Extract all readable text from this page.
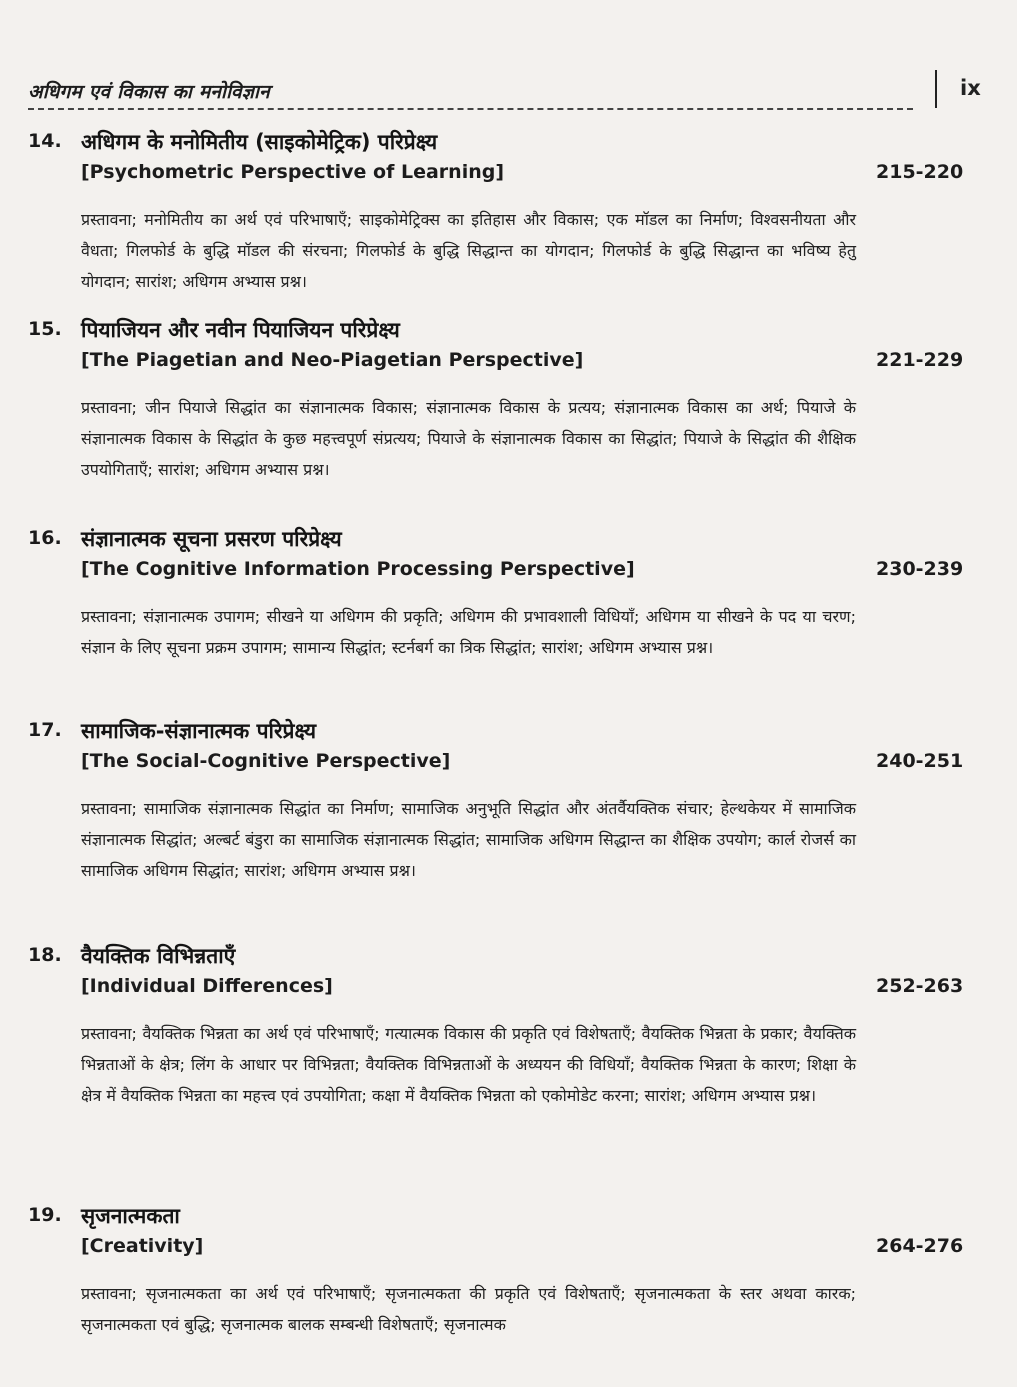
अधिगम एवं विकास का मनोविज्ञान	ix
14. अधिगम के मनोमितीय (साइकोमेट्रिक) परिप्रेक्ष्य
[Psychometric Perspective of Learning]	215-220
प्रस्तावना; मनोमितीय का अर्थ एवं परिभाषाएँ; साइकोमेट्रिक्स का इतिहास और विकास; एक मॉडल का निर्माण; विश्वसनीयता और वैधता; गिलफोर्ड के बुद्धि मॉडल की संरचना; गिलफोर्ड के बुद्धि सिद्धान्त का योगदान; गिलफोर्ड के बुद्धि सिद्धान्त का भविष्य हेतु योगदान; सारांश; अधिगम अभ्यास प्रश्न।
15. पियाजियन और नवीन पियाजियन परिप्रेक्ष्य
[The Piagetian and Neo-Piagetian Perspective]	221-229
प्रस्तावना; जीन पियाजे सिद्धांत का संज्ञानात्मक विकास; संज्ञानात्मक विकास के प्रत्यय; संज्ञानात्मक विकास का अर्थ; पियाजे के संज्ञानात्मक विकास के सिद्धांत के कुछ महत्त्वपूर्ण संप्रत्यय; पियाजे के संज्ञानात्मक विकास का सिद्धांत; पियाजे के सिद्धांत की शैक्षिक उपयोगिताएँ; सारांश; अधिगम अभ्यास प्रश्न।
16. संज्ञानात्मक सूचना प्रसरण परिप्रेक्ष्य
[The Cognitive Information Processing Perspective]	230-239
प्रस्तावना; संज्ञानात्मक उपागम; सीखने या अधिगम की प्रकृति; अधिगम की प्रभावशाली विधियाँ; अधिगम या सीखने के पद या चरण; संज्ञान के लिए सूचना प्रक्रम उपागम; सामान्य सिद्धांत; स्टर्नबर्ग का त्रिक सिद्धांत; सारांश; अधिगम अभ्यास प्रश्न।
17. सामाजिक-संज्ञानात्मक परिप्रेक्ष्य
[The Social-Cognitive Perspective]	240-251
प्रस्तावना; सामाजिक संज्ञानात्मक सिद्धांत का निर्माण; सामाजिक अनुभूति सिद्धांत और अंतर्वैयक्तिक संचार; हेल्थकेयर में सामाजिक संज्ञानात्मक सिद्धांत; अल्बर्ट बंडुरा का सामाजिक संज्ञानात्मक सिद्धांत; सामाजिक अधिगम सिद्धान्त का शैक्षिक उपयोग; कार्ल रोजर्स का सामाजिक अधिगम सिद्धांत; सारांश; अधिगम अभ्यास प्रश्न।
18. वैयक्तिक विभिन्नताएँ
[Individual Differences]	252-263
प्रस्तावना; वैयक्तिक भिन्नता का अर्थ एवं परिभाषाएँ; गत्यात्मक विकास की प्रकृति एवं विशेषताएँ; वैयक्तिक भिन्नता के प्रकार; वैयक्तिक भिन्नताओं के क्षेत्र; लिंग के आधार पर विभिन्नता; वैयक्तिक विभिन्नताओं के अध्ययन की विधियाँ; वैयक्तिक भिन्नता के कारण; शिक्षा के क्षेत्र में वैयक्तिक भिन्नता का महत्त्व एवं उपयोगिता; कक्षा में वैयक्तिक भिन्नता को एकोमोडेट करना; सारांश; अधिगम अभ्यास प्रश्न।
19. सृजनात्मकता
[Creativity]	264-276
प्रस्तावना; सृजनात्मकता का अर्थ एवं परिभाषाएँ; सृजनात्मकता की प्रकृति एवं विशेषताएँ; सृजनात्मकता के स्तर अथवा कारक; सृजनात्मकता एवं बुद्धि; सृजनात्मक बालक सम्बन्धी विशेषताएँ; सृजनात्मक
